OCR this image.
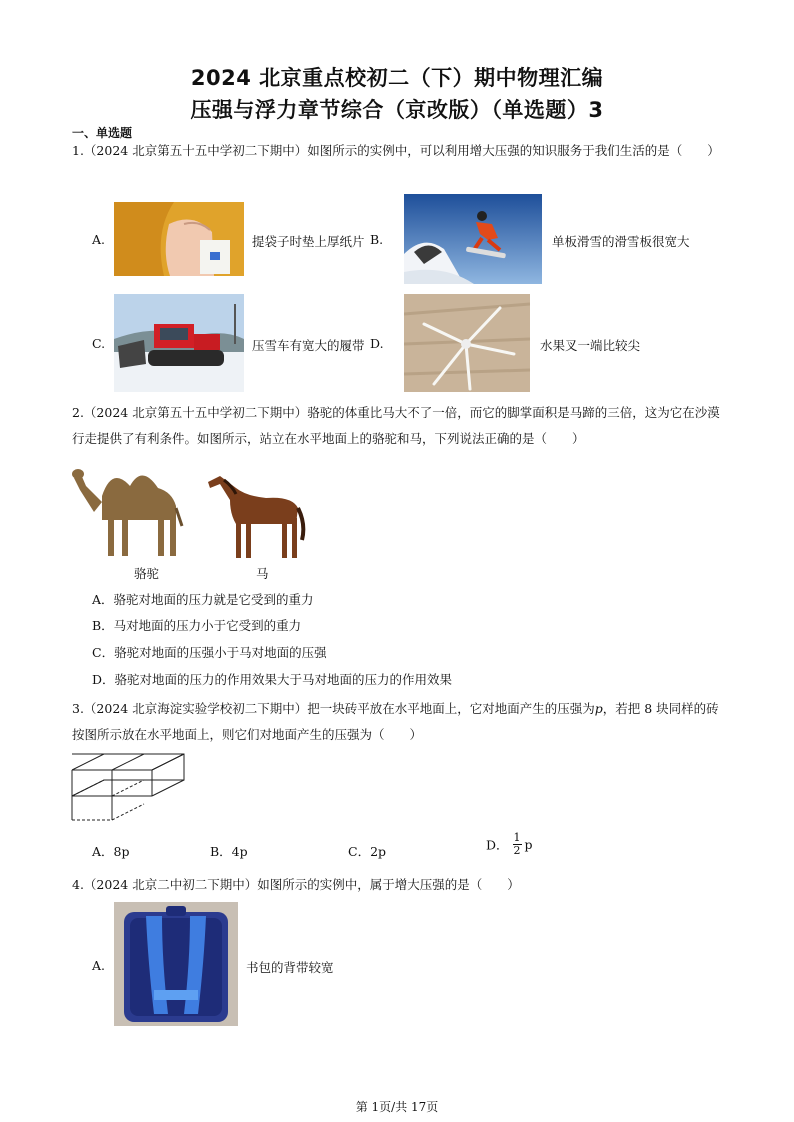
2024 北京重点校初二（下）期中物理汇编
压强与浮力章节综合（京改版）（单选题）3
一、单选题
1.（2024 北京第五十五中学初二下期中）如图所示的实例中，可以利用增大压强的知识服务于我们生活的是（　　）
A.	提袋子时垫上厚纸片 B.	单板滑雪的滑雪板很宽大
C.	压雪车有宽大的履带 D.	水果叉一端比较尖
2.（2024 北京第五十五中学初二下期中）骆驼的体重比马大不了一倍，而它的脚掌面积是马蹄的三倍，这为它在沙漠行走提供了有利条件。如图所示，站立在水平地面上的骆驼和马，下列说法正确的是（　　）
骆驼	马
A．骆驼对地面的压力就是它受到的重力
B．马对地面的压力小于它受到的重力
C．骆驼对地面的压强小于马对地面的压强
D．骆驼对地面的压力的作用效果大于马对地面的压力的作用效果
3.（2024 北京海淀实验学校初二下期中）把一块砖平放在水平地面上，它对地面产生的压强为p，若把 8 块同样的砖按图所示放在水平地面上，则它们对地面产生的压强为（　　）
A．8p	B．4p	C．2p	D． $\frac{1}{2}$ p
4.（2024 北京二中初二下期中）如图所示的实例中，属于增大压强的是（　　）
A.	书包的背带较宽
第 1页/共 17页
